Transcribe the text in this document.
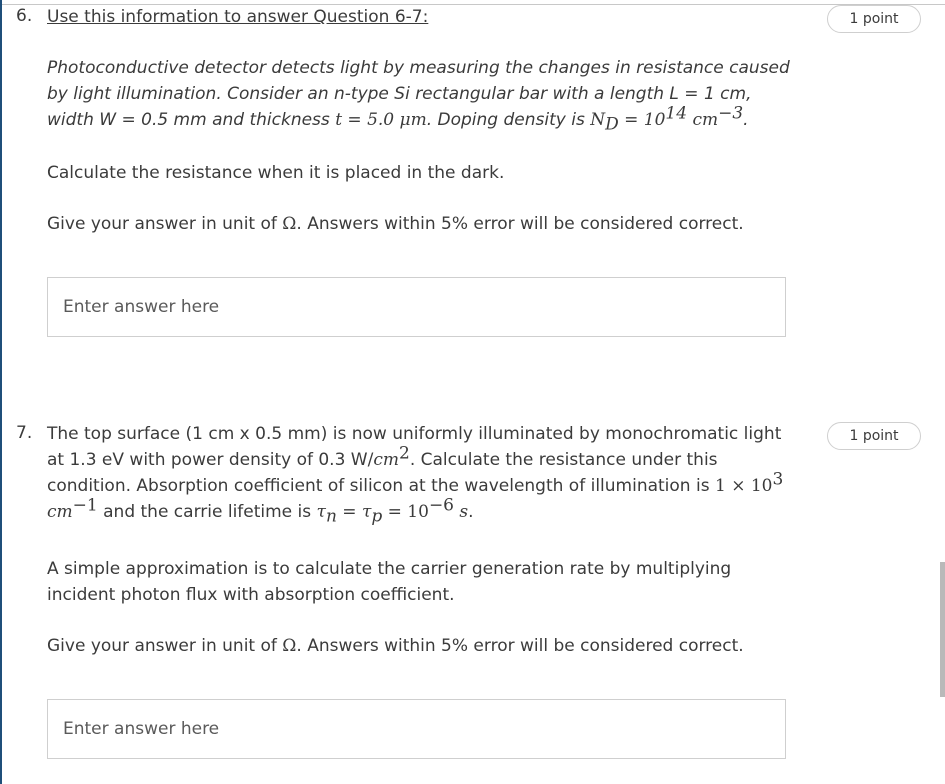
6.	1 point

Use this information to answer Question 6-7:

Photoconductive detector detects light by measuring the changes in resistance caused by light illumination. Consider an n-type Si rectangular bar with a length L = 1 cm, width W = 0.5 mm and thickness t = 5.0 μm. Doping density is $N_D = 10^{14}$ $cm^{-3}$.

Calculate the resistance when it is placed in the dark.

Give your answer in unit of Ω. Answers within 5% error will be considered correct.

Enter answer here
7.	1 point

The top surface (1 cm x 0.5 mm) is now uniformly illuminated by monochromatic light at 1.3 eV with power density of 0.3 $W/cm^2$. Calculate the resistance under this condition. Absorption coefficient of silicon at the wavelength of illumination is $1 \times 10^3$ $cm^{-1}$ and the carrie lifetime is $\tau_n = \tau_p = 10^{-6}$ s.

A simple approximation is to calculate the carrier generation rate by multiplying incident photon flux with absorption coefficient.

Give your answer in unit of Ω. Answers within 5% error will be considered correct.

Enter answer here
